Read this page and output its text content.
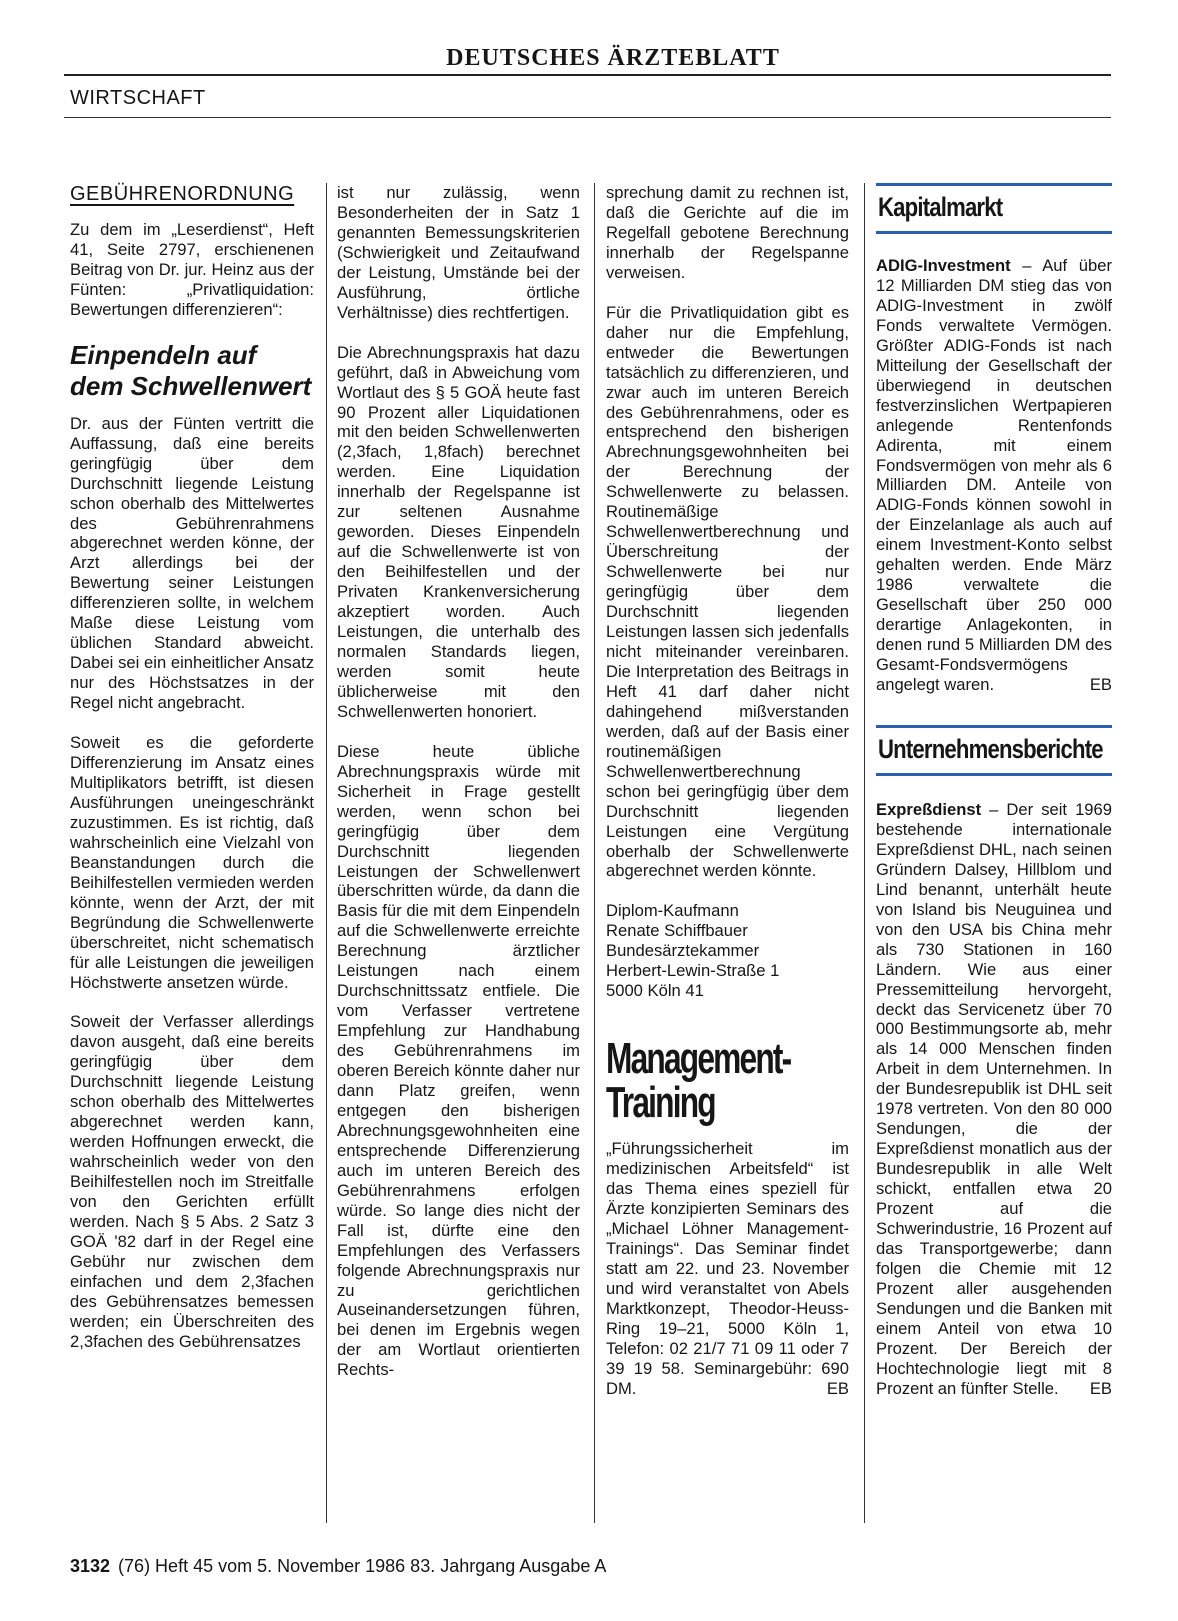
DEUTSCHES ÄRZTEBLATT
WIRTSCHAFT
GEBÜHRENORDNUNG

Zu dem im „Leserdienst“, Heft 41, Seite 2797, erschienenen Beitrag von Dr. jur. Heinz aus der Fünten: „Privatliquidation: Bewertungen differenzieren“:

Einpendeln auf dem Schwellenwert

Dr. aus der Fünten vertritt die Auffassung, daß eine bereits geringfügig über dem Durchschnitt liegende Leistung schon oberhalb des Mittelwertes des Gebührenrahmens abgerechnet werden könne, der Arzt allerdings bei der Bewertung seiner Leistungen differenzieren sollte, in welchem Maße diese Leistung vom üblichen Standard abweicht. Dabei sei ein einheitlicher Ansatz nur des Höchstsatzes in der Regel nicht angebracht.

Soweit es die geforderte Differenzierung im Ansatz eines Multiplikators betrifft, ist diesen Ausführungen uneingeschränkt zuzustimmen. Es ist richtig, daß wahrscheinlich eine Vielzahl von Beanstandungen durch die Beihilfestellen vermieden werden könnte, wenn der Arzt, der mit Begründung die Schwellenwerte überschreitet, nicht schematisch für alle Leistungen die jeweiligen Höchstwerte ansetzen würde.

Soweit der Verfasser allerdings davon ausgeht, daß eine bereits geringfügig über dem Durchschnitt liegende Leistung schon oberhalb des Mittelwertes abgerechnet werden kann, werden Hoffnungen erweckt, die wahrscheinlich weder von den Beihilfestellen noch im Streitfalle von den Gerichten erfüllt werden. Nach § 5 Abs. 2 Satz 3 GOÄ '82 darf in der Regel eine Gebühr nur zwischen dem einfachen und dem 2,3fachen des Gebührensatzes bemessen werden; ein Überschreiten des 2,3fachen des Gebührensatzes

ist nur zulässig, wenn Besonderheiten der in Satz 1 genannten Bemessungskriterien (Schwierigkeit und Zeitaufwand der Leistung, Umstände bei der Ausführung, örtliche Verhältnisse) dies rechtfertigen.

Die Abrechnungspraxis hat dazu geführt, daß in Abweichung vom Wortlaut des § 5 GOÄ heute fast 90 Prozent aller Liquidationen mit den beiden Schwellenwerten (2,3fach, 1,8fach) berechnet werden. Eine Liquidation innerhalb der Regelspanne ist zur seltenen Ausnahme geworden. Dieses Einpendeln auf die Schwellenwerte ist von den Beihilfestellen und der Privaten Krankenversicherung akzeptiert worden. Auch Leistungen, die unterhalb des normalen Standards liegen, werden somit heute üblicherweise mit den Schwellenwerten honoriert.

Diese heute übliche Abrechnungspraxis würde mit Sicherheit in Frage gestellt werden, wenn schon bei geringfügig über dem Durchschnitt liegenden Leistungen der Schwellenwert überschritten würde, da dann die Basis für die mit dem Einpendeln auf die Schwellenwerte erreichte Berechnung ärztlicher Leistungen nach einem Durchschnittssatz entfiele. Die vom Verfasser vertretene Empfehlung zur Handhabung des Gebührenrahmens im oberen Bereich könnte daher nur dann Platz greifen, wenn entgegen den bisherigen Abrechnungsgewohnheiten eine entsprechende Differenzierung auch im unteren Bereich des Gebührenrahmens erfolgen würde. So lange dies nicht der Fall ist, dürfte eine den Empfehlungen des Verfassers folgende Abrechnungspraxis nur zu gerichtlichen Auseinandersetzungen führen, bei denen im Ergebnis wegen der am Wortlaut orientierten Rechts-

sprechung damit zu rechnen ist, daß die Gerichte auf die im Regelfall gebotene Berechnung innerhalb der Regelspanne verweisen.

Für die Privatliquidation gibt es daher nur die Empfehlung, entweder die Bewertungen tatsächlich zu differenzieren, und zwar auch im unteren Bereich des Gebührenrahmens, oder es entsprechend den bisherigen Abrechnungsgewohnheiten bei der Berechnung der Schwellenwerte zu belassen. Routinemäßige Schwellenwertberechnung und Überschreitung der Schwellenwerte bei nur geringfügig über dem Durchschnitt liegenden Leistungen lassen sich jedenfalls nicht miteinander vereinbaren. Die Interpretation des Beitrags in Heft 41 darf daher nicht dahingehend mißverstanden werden, daß auf der Basis einer routinemäßigen Schwellenwertberechnung schon bei geringfügig über dem Durchschnitt liegenden Leistungen eine Vergütung oberhalb der Schwellenwerte abgerechnet werden könnte.

Diplom-Kaufmann

Renate Schiffbauer

Bundesärztekammer

Herbert-Lewin-Straße 1

5000 Köln 41

Management-
Training

„Führungssicherheit im medizinischen Arbeitsfeld“ ist das Thema eines speziell für Ärzte konzipierten Seminars des „Michael Löhner Management-Trainings“. Das Seminar findet statt am 22. und 23. November und wird veranstaltet von Abels Marktkonzept, Theodor-Heuss-Ring 19–21, 5000 Köln 1, Telefon: 02 21/7 71 09 11 oder 7 39 19 58. Seminargebühr: 690 DM.	EB

Kapitalmarkt

ADIG-Investment – Auf über 12 Milliarden DM stieg das von ADIG-Investment in zwölf Fonds verwaltete Vermögen. Größter ADIG-Fonds ist nach Mitteilung der Gesellschaft der überwiegend in deutschen festverzinslichen Wertpapieren anlegende Rentenfonds Adirenta, mit einem Fondsvermögen von mehr als 6 Milliarden DM. Anteile von ADIG-Fonds können sowohl in der Einzelanlage als auch auf einem Investment-Konto selbst gehalten werden. Ende März 1986 verwaltete die Gesellschaft über 250 000 derartige Anlagekonten, in denen rund 5 Milliarden DM des Gesamt-Fondsvermögens angelegt waren.	EB

Unternehmensberichte

Expreßdienst – Der seit 1969 bestehende internationale Expreßdienst DHL, nach seinen Gründern Dalsey, Hillblom und Lind benannt, unterhält heute von Island bis Neuguinea und von den USA bis China mehr als 730 Stationen in 160 Ländern. Wie aus einer Pressemitteilung hervorgeht, deckt das Servicenetz über 70 000 Bestimmungsorte ab, mehr als 14 000 Menschen finden Arbeit in dem Unternehmen. In der Bundesrepublik ist DHL seit 1978 vertreten. Von den 80 000 Sendungen, die der Expreßdienst monatlich aus der Bundesrepublik in alle Welt schickt, entfallen etwa 20 Prozent auf die Schwerindustrie, 16 Prozent auf das Transportgewerbe; dann folgen die Chemie mit 12 Prozent aller ausgehenden Sendungen und die Banken mit einem Anteil von etwa 10 Prozent. Der Bereich der Hochtechnologie liegt mit 8 Prozent an fünfter Stelle. EB

3132 (76) Heft 45 vom 5. November 1986 83. Jahrgang Ausgabe A
